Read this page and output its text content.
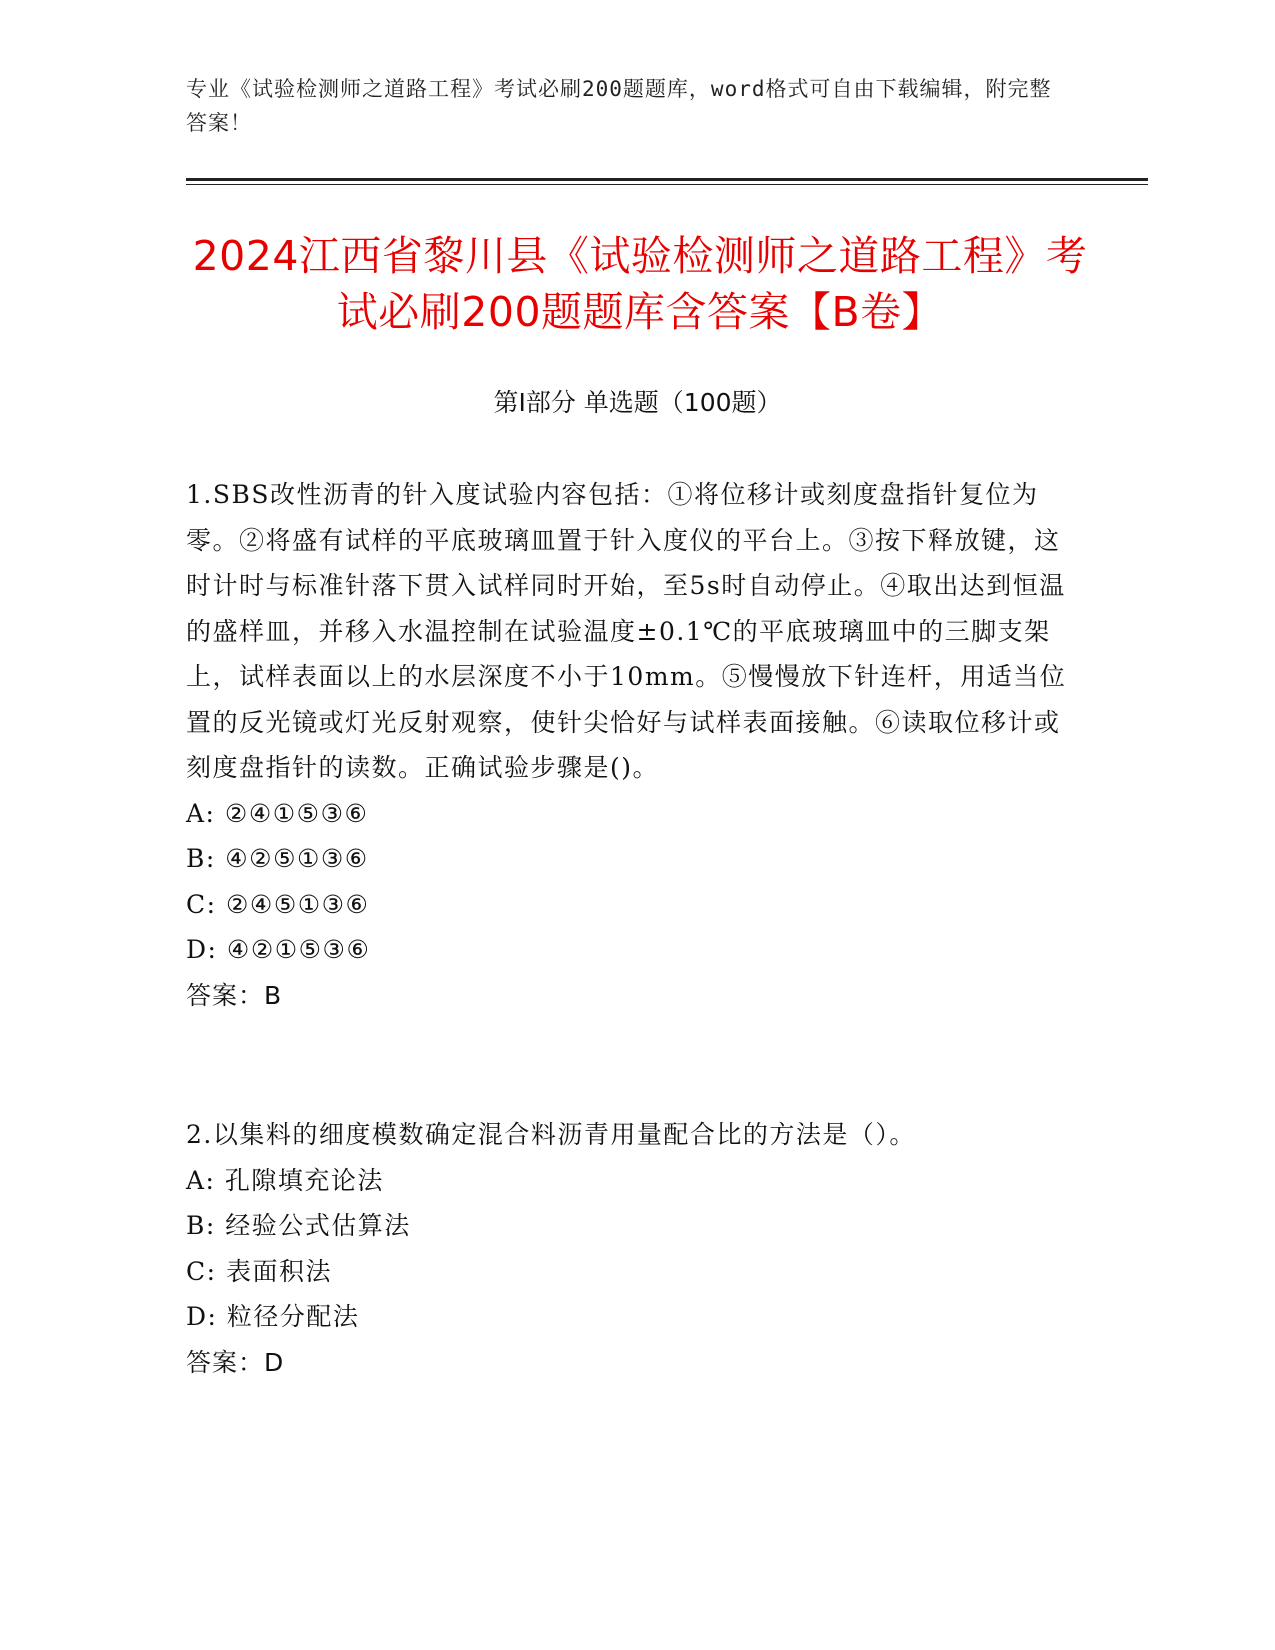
专业《试验检测师之道路工程》考试必刷200题题库，word格式可自由下载编辑，附完整答案！
2024江西省黎川县《试验检测师之道路工程》考试必刷200题题库含答案【B卷】
第I部分 单选题（100题）
1.SBS改性沥青的针入度试验内容包括：①将位移计或刻度盘指针复位为零。②将盛有试样的平底玻璃皿置于针入度仪的平台上。③按下释放键，这时计时与标准针落下贯入试样同时开始，至5s时自动停止。④取出达到恒温的盛样皿，并移入水温控制在试验温度±0.1℃的平底玻璃皿中的三脚支架上，试样表面以上的水层深度不小于10mm。⑤慢慢放下针连杆，用适当位置的反光镜或灯光反射观察，使针尖恰好与试样表面接触。⑥读取位移计或刻度盘指针的读数。正确试验步骤是()。
A: ②④①⑤③⑥
B: ④②⑤①③⑥
C: ②④⑤①③⑥
D: ④②①⑤③⑥
答案：B
2.以集料的细度模数确定混合料沥青用量配合比的方法是（）。
A: 孔隙填充论法
B: 经验公式估算法
C: 表面积法
D: 粒径分配法
答案：D
